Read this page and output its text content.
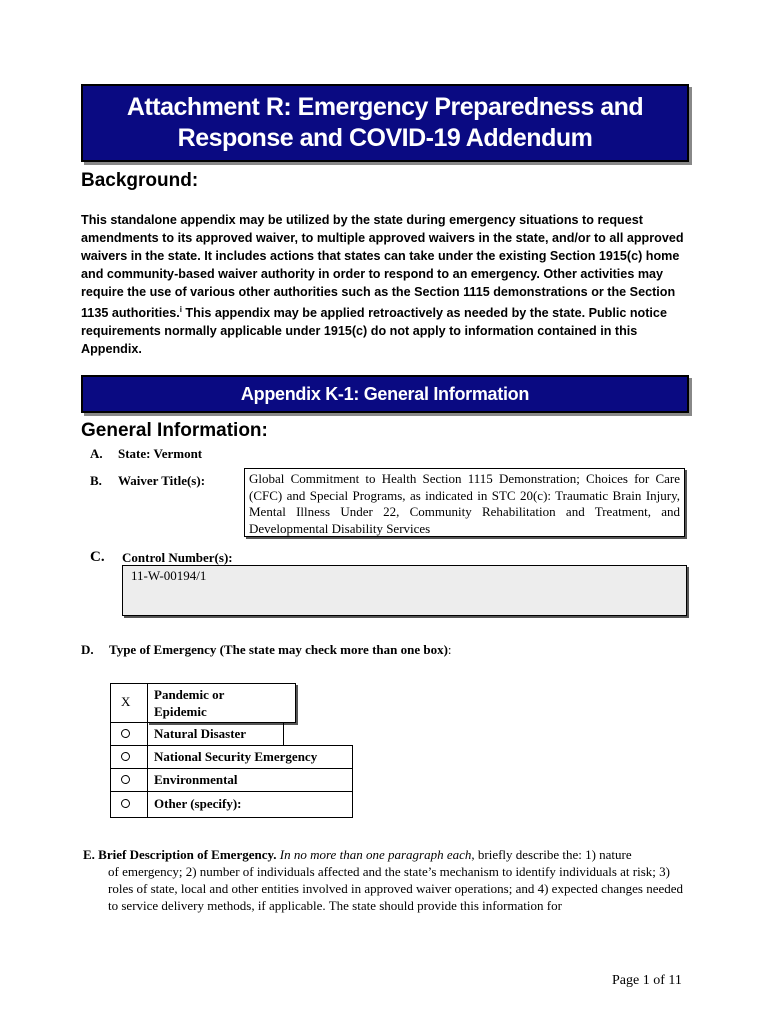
Attachment R: Emergency Preparedness and
Response and COVID-19 Addendum
Background:
This standalone appendix may be utilized by the state during emergency situations to request amendments to its approved waiver, to multiple approved waivers in the state, and/or to all approved waivers in the state. It includes actions that states can take under the existing Section 1915(c) home and community-based waiver authority in order to respond to an emergency. Other activities may require the use of various other authorities such as the Section 1115 demonstrations or the Section 1135 authorities.$^i$ This appendix may be applied retroactively as needed by the state. Public notice requirements normally applicable under 1915(c) do not apply to information contained in this Appendix.
Appendix K-1: General Information
General Information:
A. State: Vermont
B. Waiver Title(s):	Global Commitment to Health Section 1115 Demonstration; Choices for Care (CFC) and Special Programs, as indicated in STC 20(c): Traumatic Brain Injury, Mental Illness Under 22, Community Rehabilitation and Treatment, and Developmental Disability Services
C. Control Number(s):
11-W-00194/1
D. Type of Emergency (The state may check more than one box):
X Pandemic or
Epidemic
Natural Disaster
National Security Emergency
Environmental
Other (specify):
E. Brief Description of Emergency. In no more than one paragraph each, briefly describe the: 1) nature
of emergency; 2) number of individuals affected and the state’s mechanism to identify individuals at risk; 3) roles of state, local and other entities involved in approved waiver operations; and 4) expected changes needed to service delivery methods, if applicable. The state should provide this information for
Page 1 of 11
